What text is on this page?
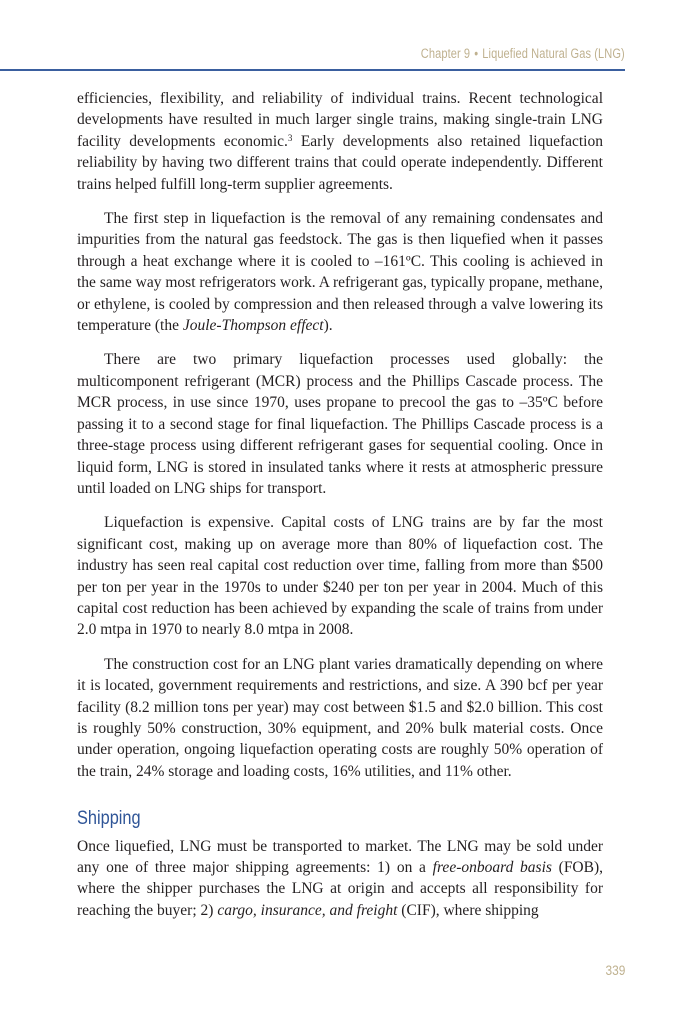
Chapter 9 • Liquefied Natural Gas (LNG)

efficiencies, flexibility, and reliability of individual trains. Recent technological developments have resulted in much larger single trains, making single-train LNG facility developments economic.$^3$ Early developments also retained liquefaction reliability by having two different trains that could operate independently. Different trains helped fulfill long-term supplier agreements.

The first step in liquefaction is the removal of any remaining condensates and impurities from the natural gas feedstock. The gas is then liquefied when it passes through a heat exchange where it is cooled to –161ºC. This cooling is achieved in the same way most refrigerators work. A refrigerant gas, typically propane, methane, or ethylene, is cooled by compression and then released through a valve lowering its temperature (the Joule-Thompson effect).

There are two primary liquefaction processes used globally: the multicomponent refrigerant (MCR) process and the Phillips Cascade process. The MCR process, in use since 1970, uses propane to precool the gas to –35ºC before passing it to a second stage for final liquefaction. The Phillips Cascade process is a three-stage process using different refrigerant gases for sequential cooling. Once in liquid form, LNG is stored in insulated tanks where it rests at atmospheric pressure until loaded on LNG ships for transport.

Liquefaction is expensive. Capital costs of LNG trains are by far the most significant cost, making up on average more than 80% of liquefaction cost. The industry has seen real capital cost reduction over time, falling from more than $500 per ton per year in the 1970s to under $240 per ton per year in 2004. Much of this capital cost reduction has been achieved by expanding the scale of trains from under 2.0 mtpa in 1970 to nearly 8.0 mtpa in 2008.

The construction cost for an LNG plant varies dramatically depending on where it is located, government requirements and restrictions, and size. A 390 bcf per year facility (8.2 million tons per year) may cost between $1.5 and $2.0 billion. This cost is roughly 50% construction, 30% equipment, and 20% bulk material costs. Once under operation, ongoing liquefaction operating costs are roughly 50% operation of the train, 24% storage and loading costs, 16% utilities, and 11% other.

Shipping

Once liquefied, LNG must be transported to market. The LNG may be sold under any one of three major shipping agreements: 1) on a free-onboard basis (FOB), where the shipper purchases the LNG at origin and accepts all responsibility for reaching the buyer; 2) cargo, insurance, and freight (CIF), where shipping

339
